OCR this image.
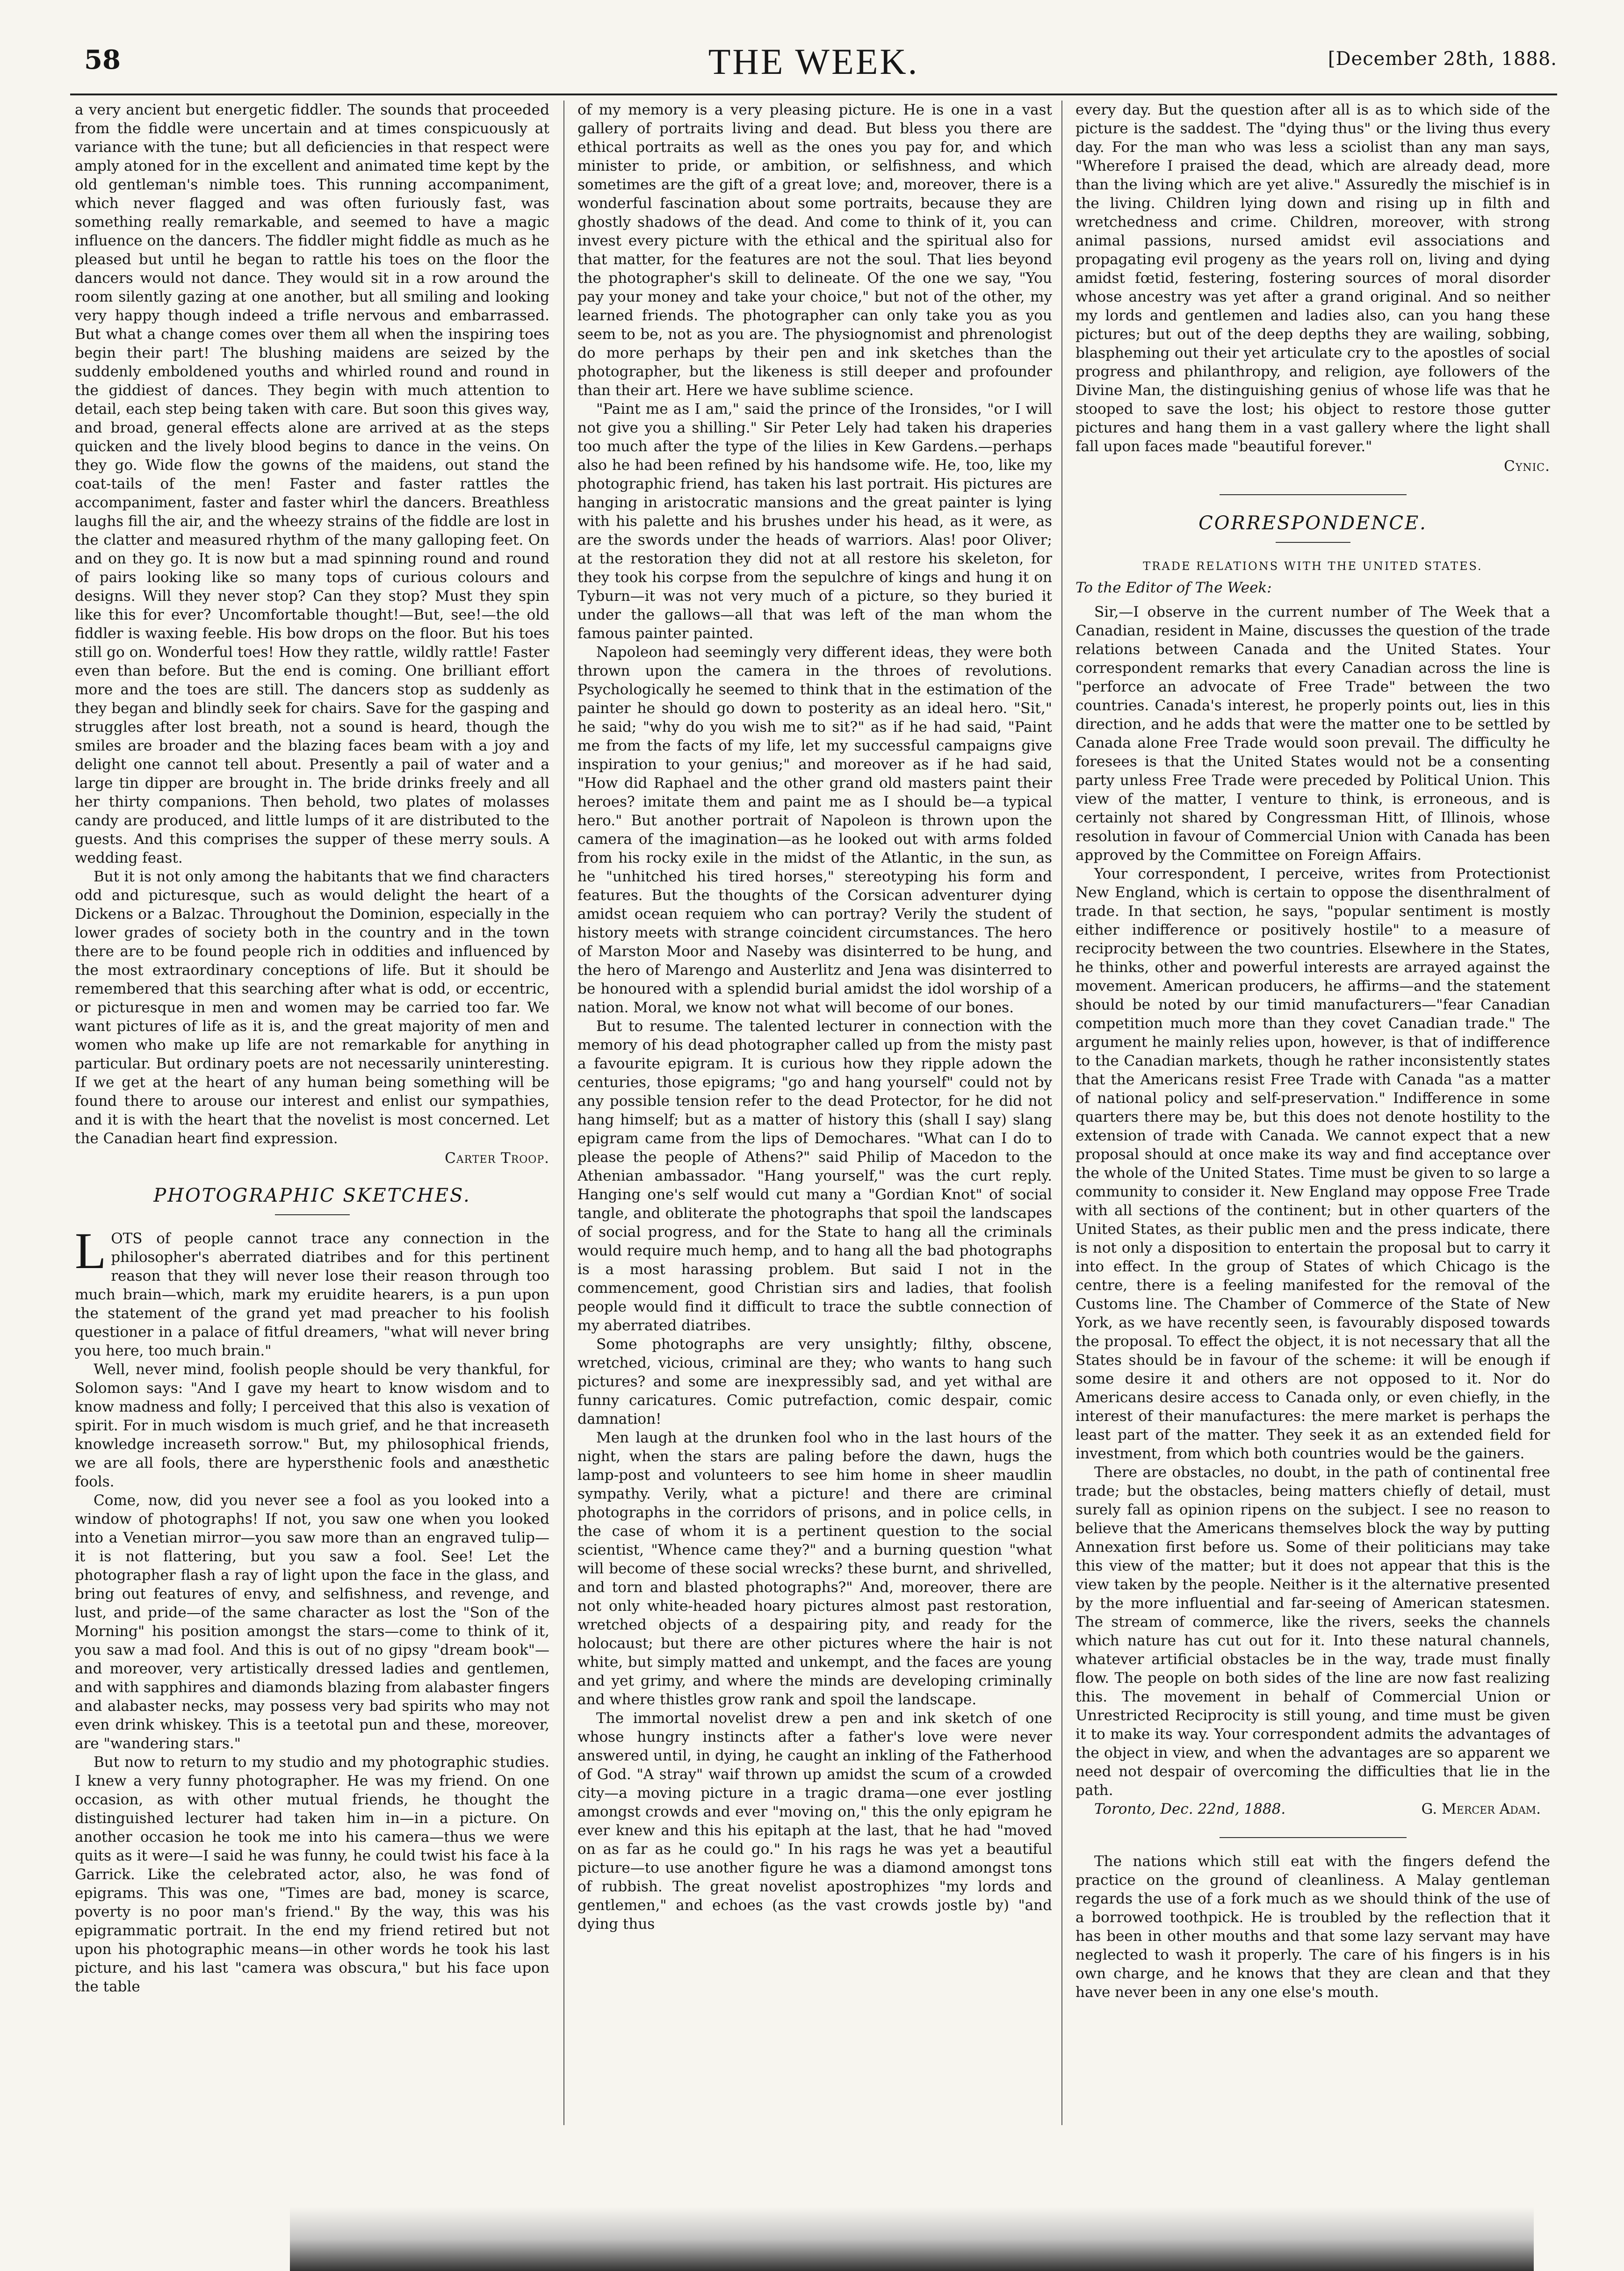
58	THE WEEK.	[December 28th, 1888.

a very ancient but energetic fiddler. The sounds that proceeded from the fiddle were uncertain and at times conspicuously at variance with the tune; but all deficiencies in that respect were amply atoned for in the excellent and animated time kept by the old gentleman's nimble toes. This running accompaniment, which never flagged and was often furiously fast, was something really remarkable, and seemed to have a magic influence on the dancers. The fiddler might fiddle as much as he pleased but until he began to rattle his toes on the floor the dancers would not dance. They would sit in a row around the room silently gazing at one another, but all smiling and looking very happy though indeed a trifle nervous and embarrassed. But what a change comes over them all when the inspiring toes begin their part! The blushing maidens are seized by the suddenly emboldened youths and whirled round and round in the giddiest of dances. They begin with much attention to detail, each step being taken with care. But soon this gives way, and broad, general effects alone are arrived at as the steps quicken and the lively blood begins to dance in the veins. On they go. Wide flow the gowns of the maidens, out stand the coat-tails of the men! Faster and faster rattles the accompaniment, faster and faster whirl the dancers. Breathless laughs fill the air, and the wheezy strains of the fiddle are lost in the clatter and measured rhythm of the many galloping feet. On and on they go. It is now but a mad spinning round and round of pairs looking like so many tops of curious colours and designs. Will they never stop? Can they stop? Must they spin like this for ever? Uncomfortable thought!—But, see!—the old fiddler is waxing feeble. His bow drops on the floor. But his toes still go on. Wonderful toes! How they rattle, wildly rattle! Faster even than before. But the end is coming. One brilliant effort more and the toes are still. The dancers stop as suddenly as they began and blindly seek for chairs. Save for the gasping and struggles after lost breath, not a sound is heard, though the smiles are broader and the blazing faces beam with a joy and delight one cannot tell about. Presently a pail of water and a large tin dipper are brought in. The bride drinks freely and all her thirty companions. Then behold, two plates of molasses candy are produced, and little lumps of it are distributed to the guests. And this comprises the supper of these merry souls. A wedding feast.

But it is not only among the habitants that we find characters odd and picturesque, such as would delight the heart of a Dickens or a Balzac. Throughout the Dominion, especially in the lower grades of society both in the country and in the town there are to be found people rich in oddities and influenced by the most extraordinary conceptions of life. But it should be remembered that this searching after what is odd, or eccentric, or picturesque in men and women may be carried too far. We want pictures of life as it is, and the great majority of men and women who make up life are not remarkable for anything in particular. But ordinary poets are not necessarily uninteresting. If we get at the heart of any human being something will be found there to arouse our interest and enlist our sympathies, and it is with the heart that the novelist is most concerned. Let the Canadian heart find expression.

Carter Troop.
PHOTOGRAPHIC SKETCHES.

LOTS of people cannot trace any connection in the philosopher's aberrated diatribes and for this pertinent reason that they will never lose their reason through too much brain—which, mark my eruidite hearers, is a pun upon the statement of the grand yet mad preacher to his foolish questioner in a palace of fitful dreamers, "what will never bring you here, too much brain."

Well, never mind, foolish people should be very thankful, for Solomon says: "And I gave my heart to know wisdom and to know madness and folly; I perceived that this also is vexation of spirit. For in much wisdom is much grief, and he that increaseth knowledge increaseth sorrow." But, my philosophical friends, we are all fools, there are hypersthenic fools and anæsthetic fools.

Come, now, did you never see a fool as you looked into a window of photographs! If not, you saw one when you looked into a Venetian mirror—you saw more than an engraved tulip—it is not flattering, but you saw a fool. See! Let the photographer flash a ray of light upon the face in the glass, and bring out features of envy, and selfishness, and revenge, and lust, and pride—of the same character as lost the "Son of the Morning" his position amongst the stars—come to think of it, you saw a mad fool. And this is out of no gipsy "dream book"—and moreover, very artistically dressed ladies and gentlemen, and with sapphires and diamonds blazing from alabaster fingers and alabaster necks, may possess very bad spirits who may not even drink whiskey. This is a teetotal pun and these, moreover, are "wandering stars."

But now to return to my studio and my photographic studies. I knew a very funny photographer. He was my friend. On one occasion, as with other mutual friends, he thought the distinguished lecturer had taken him in—in a picture. On another occasion he took me into his camera—thus we were quits as it were—I said he was funny, he could twist his face à la Garrick. Like the celebrated actor, also, he was fond of epigrams. This was one, "Times are bad, money is scarce, poverty is no poor man's friend." By the way, this was his epigrammatic portrait. In the end my friend retired but not upon his photographic means—in other words he took his last picture, and his last "camera was obscura," but his face upon the table

of my memory is a very pleasing picture. He is one in a vast gallery of portraits living and dead. But bless you there are ethical portraits as well as the ones you pay for, and which minister to pride, or ambition, or selfishness, and which sometimes are the gift of a great love; and, moreover, there is a wonderful fascination about some portraits, because they are ghostly shadows of the dead. And come to think of it, you can invest every picture with the ethical and the spiritual also for that matter, for the features are not the soul. That lies beyond the photographer's skill to delineate. Of the one we say, "You pay your money and take your choice," but not of the other, my learned friends. The photographer can only take you as you seem to be, not as you are. The physiognomist and phrenologist do more perhaps by their pen and ink sketches than the photographer, but the likeness is still deeper and profounder than their art. Here we have sublime science.

"Paint me as I am," said the prince of the Ironsides, "or I will not give you a shilling." Sir Peter Lely had taken his draperies too much after the type of the lilies in Kew Gardens.—perhaps also he had been refined by his handsome wife. He, too, like my photographic friend, has taken his last portrait. His pictures are hanging in aristocratic mansions and the great painter is lying with his palette and his brushes under his head, as it were, as are the swords under the heads of warriors. Alas! poor Oliver; at the restoration they did not at all restore his skeleton, for they took his corpse from the sepulchre of kings and hung it on Tyburn—it was not very much of a picture, so they buried it under the gallows—all that was left of the man whom the famous painter painted.

Napoleon had seemingly very different ideas, they were both thrown upon the camera in the throes of revolutions. Psychologically he seemed to think that in the estimation of the painter he should go down to posterity as an ideal hero. "Sit," he said; "why do you wish me to sit?" as if he had said, "Paint me from the facts of my life, let my successful campaigns give inspiration to your genius;" and moreover as if he had said, "How did Raphael and the other grand old masters paint their heroes? imitate them and paint me as I should be—a typical hero." But another portrait of Napoleon is thrown upon the camera of the imagination—as he looked out with arms folded from his rocky exile in the midst of the Atlantic, in the sun, as he "unhitched his tired horses," stereotyping his form and features. But the thoughts of the Corsican adventurer dying amidst ocean requiem who can portray? Verily the student of history meets with strange coincident circumstances. The hero of Marston Moor and Naseby was disinterred to be hung, and the hero of Marengo and Austerlitz and Jena was disinterred to be honoured with a splendid burial amidst the idol worship of a nation. Moral, we know not what will become of our bones.

But to resume. The talented lecturer in connection with the memory of his dead photographer called up from the misty past a favourite epigram. It is curious how they ripple adown the centuries, those epigrams; "go and hang yourself" could not by any possible tension refer to the dead Protector, for he did not hang himself; but as a matter of history this (shall I say) slang epigram came from the lips of Demochares. "What can I do to please the people of Athens?" said Philip of Macedon to the Athenian ambassador. "Hang yourself," was the curt reply. Hanging one's self would cut many a "Gordian Knot" of social tangle, and obliterate the photographs that spoil the landscapes of social progress, and for the State to hang all the criminals would require much hemp, and to hang all the bad photographs is a most harassing problem. But said I not in the commencement, good Christian sirs and ladies, that foolish people would find it difficult to trace the subtle connection of my aberrated diatribes.

Some photographs are very unsightly; filthy, obscene, wretched, vicious, criminal are they; who wants to hang such pictures? and some are inexpressibly sad, and yet withal are funny caricatures. Comic putrefaction, comic despair, comic damnation!

Men laugh at the drunken fool who in the last hours of the night, when the stars are paling before the dawn, hugs the lamp-post and volunteers to see him home in sheer maudlin sympathy. Verily, what a picture! and there are criminal photographs in the corridors of prisons, and in police cells, in the case of whom it is a pertinent question to the social scientist, "Whence came they?" and a burning question "what will become of these social wrecks? these burnt, and shrivelled, and torn and blasted photographs?" And, moreover, there are not only white-headed hoary pictures almost past restoration, wretched objects of a despairing pity, and ready for the holocaust; but there are other pictures where the hair is not white, but simply matted and unkempt, and the faces are young and yet grimy, and where the minds are developing criminally and where thistles grow rank and spoil the landscape.

The immortal novelist drew a pen and ink sketch of one whose hungry instincts after a father's love were never answered until, in dying, he caught an inkling of the Fatherhood of God. "A stray" waif thrown up amidst the scum of a crowded city—a moving picture in a tragic drama—one ever jostling amongst crowds and ever "moving on," this the only epigram he ever knew and this his epitaph at the last, that he had "moved on as far as he could go." In his rags he was yet a beautiful picture—to use another figure he was a diamond amongst tons of rubbish. The great novelist apostrophizes "my lords and gentlemen," and echoes (as the vast crowds jostle by) "and dying thus

every day. But the question after all is as to which side of the picture is the saddest. The "dying thus" or the living thus every day. For the man who was less a sciolist than any man says, "Wherefore I praised the dead, which are already dead, more than the living which are yet alive." Assuredly the mischief is in the living. Children lying down and rising up in filth and wretchedness and crime. Children, moreover, with strong animal passions, nursed amidst evil associations and propagating evil progeny as the years roll on, living and dying amidst fœtid, festering, fostering sources of moral disorder whose ancestry was yet after a grand original. And so neither my lords and gentlemen and ladies also, can you hang these pictures; but out of the deep depths they are wailing, sobbing, blaspheming out their yet articulate cry to the apostles of social progress and philanthropy, and religion, aye followers of the Divine Man, the distinguishing genius of whose life was that he stooped to save the lost; his object to restore those gutter pictures and hang them in a vast gallery where the light shall fall upon faces made "beautiful forever."

Cynic.
CORRESPONDENCE.
TRADE RELATIONS WITH THE UNITED STATES.

To the Editor of The Week:

Sir,—I observe in the current number of The Week that a Canadian, resident in Maine, discusses the question of the trade relations between Canada and the United States. Your correspondent remarks that every Canadian across the line is "perforce an advocate of Free Trade" between the two countries. Canada's interest, he properly points out, lies in this direction, and he adds that were the matter one to be settled by Canada alone Free Trade would soon prevail. The difficulty he foresees is that the United States would not be a consenting party unless Free Trade were preceded by Political Union. This view of the matter, I venture to think, is erroneous, and is certainly not shared by Congressman Hitt, of Illinois, whose resolution in favour of Commercial Union with Canada has been approved by the Committee on Foreign Affairs.

Your correspondent, I perceive, writes from Protectionist New England, which is certain to oppose the disenthralment of trade. In that section, he says, "popular sentiment is mostly either indifference or positively hostile" to a measure of reciprocity between the two countries. Elsewhere in the States, he thinks, other and powerful interests are arrayed against the movement. American producers, he affirms—and the statement should be noted by our timid manufacturers—"fear Canadian competition much more than they covet Canadian trade." The argument he mainly relies upon, however, is that of indifference to the Canadian markets, though he rather inconsistently states that the Americans resist Free Trade with Canada "as a matter of national policy and self-preservation." Indifference in some quarters there may be, but this does not denote hostility to the extension of trade with Canada. We cannot expect that a new proposal should at once make its way and find acceptance over the whole of the United States. Time must be given to so large a community to consider it. New England may oppose Free Trade with all sections of the continent; but in other quarters of the United States, as their public men and the press indicate, there is not only a disposition to entertain the proposal but to carry it into effect. In the group of States of which Chicago is the centre, there is a feeling manifested for the removal of the Customs line. The Chamber of Commerce of the State of New York, as we have recently seen, is favourably disposed towards the proposal. To effect the object, it is not necessary that all the States should be in favour of the scheme: it will be enough if some desire it and others are not opposed to it. Nor do Americans desire access to Canada only, or even chiefly, in the interest of their manufactures: the mere market is perhaps the least part of the matter. They seek it as an extended field for investment, from which both countries would be the gainers.

There are obstacles, no doubt, in the path of continental free trade; but the obstacles, being matters chiefly of detail, must surely fall as opinion ripens on the subject. I see no reason to believe that the Americans themselves block the way by putting Annexation first before us. Some of their politicians may take this view of the matter; but it does not appear that this is the view taken by the people. Neither is it the alternative presented by the more influential and far-seeing of American statesmen. The stream of commerce, like the rivers, seeks the channels which nature has cut out for it. Into these natural channels, whatever artificial obstacles be in the way, trade must finally flow. The people on both sides of the line are now fast realizing this. The movement in behalf of Commercial Union or Unrestricted Reciprocity is still young, and time must be given it to make its way. Your correspondent admits the advantages of the object in view, and when the advantages are so apparent we need not despair of overcoming the difficulties that lie in the path.

Toronto, Dec. 22nd, 1888.	G. Mercer Adam.

The nations which still eat with the fingers defend the practice on the ground of cleanliness. A Malay gentleman regards the use of a fork much as we should think of the use of a borrowed toothpick. He is troubled by the reflection that it has been in other mouths and that some lazy servant may have neglected to wash it properly. The care of his fingers is in his own charge, and he knows that they are clean and that they have never been in any one else's mouth.
